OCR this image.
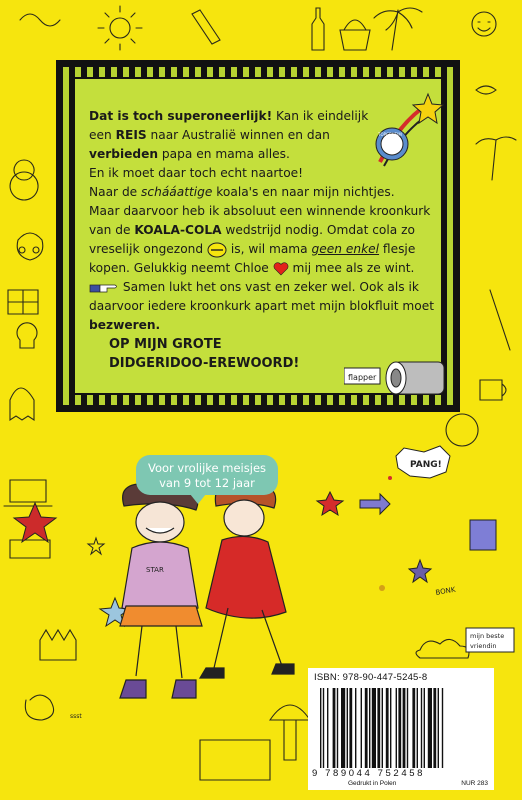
PANG!
BONK
mijn beste
vriendin
ssst
STAR
Dat is toch superoneerlijk! Kan ik eindelijk
een REIS naar Australië winnen en dan
verbieden papa en mama alles.
En ik moet daar toch echt naartoe!
Naar de schááattige koala's en naar mijn nichtjes.
Maar daarvoor heb ik absoluut een winnende kroonkurk
van de KOALA-COLA wedstrijd nodig. Omdat cola zo
vreselijk ongezond  is, wil mama geen enkel flesje
kopen. Gelukkig neemt Chloe  mij mee als ze wint.
Samen lukt het ons vast en zeker wel. Ook als ik
daarvoor iedere kroonkurk apart met mijn blokfluit moet
bezweren.
OP MIJN GROTE
DIDGERIDOO-EREWOORD!
TOPGEHEIM
flapper
Voor vrolijke meisjes
van 9 tot 12 jaar
ISBN: 978-90-447-5245-8
9 789044 752458
Gedrukt in Polen	NUR 283
